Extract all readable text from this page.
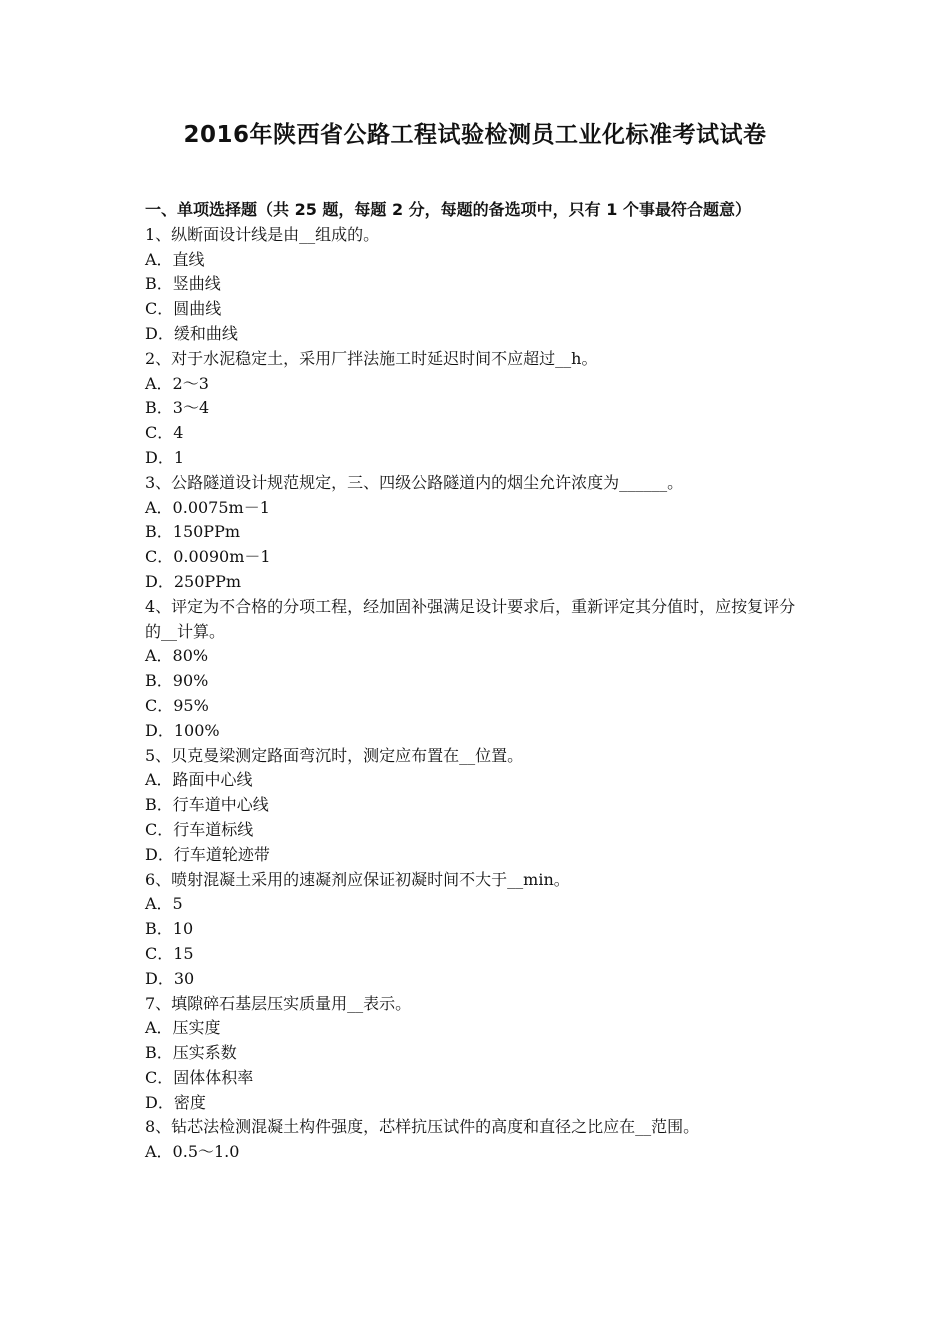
2016年陕西省公路工程试验检测员工业化标准考试试卷

一、单项选择题（共 25 题，每题 2 分，每题的备选项中，只有 1 个事最符合题意）

1、纵断面设计线是由__组成的。

A．直线

B．竖曲线

C．圆曲线

D．缓和曲线

2、对于水泥稳定土，采用厂拌法施工时延迟时间不应超过__h。

A．2～3

B．3～4

C．4

D．1

3、公路隧道设计规范规定，三、四级公路隧道内的烟尘允许浓度为______。

A．0.0075m－1

B．150PPm

C．0.0090m－1

D．250PPm

4、评定为不合格的分项工程，经加固补强满足设计要求后，重新评定其分值时，应按复评分的__计算。

A．80%

B．90%

C．95%

D．100%

5、贝克曼梁测定路面弯沉时，测定应布置在__位置。

A．路面中心线

B．行车道中心线

C．行车道标线

D．行车道轮迹带

6、喷射混凝土采用的速凝剂应保证初凝时间不大于__min。

A．5

B．10

C．15

D．30

7、填隙碎石基层压实质量用__表示。

A．压实度

B．压实系数

C．固体体积率

D．密度

8、钻芯法检测混凝土构件强度，芯样抗压试件的高度和直径之比应在__范围。

A．0.5～1.0
